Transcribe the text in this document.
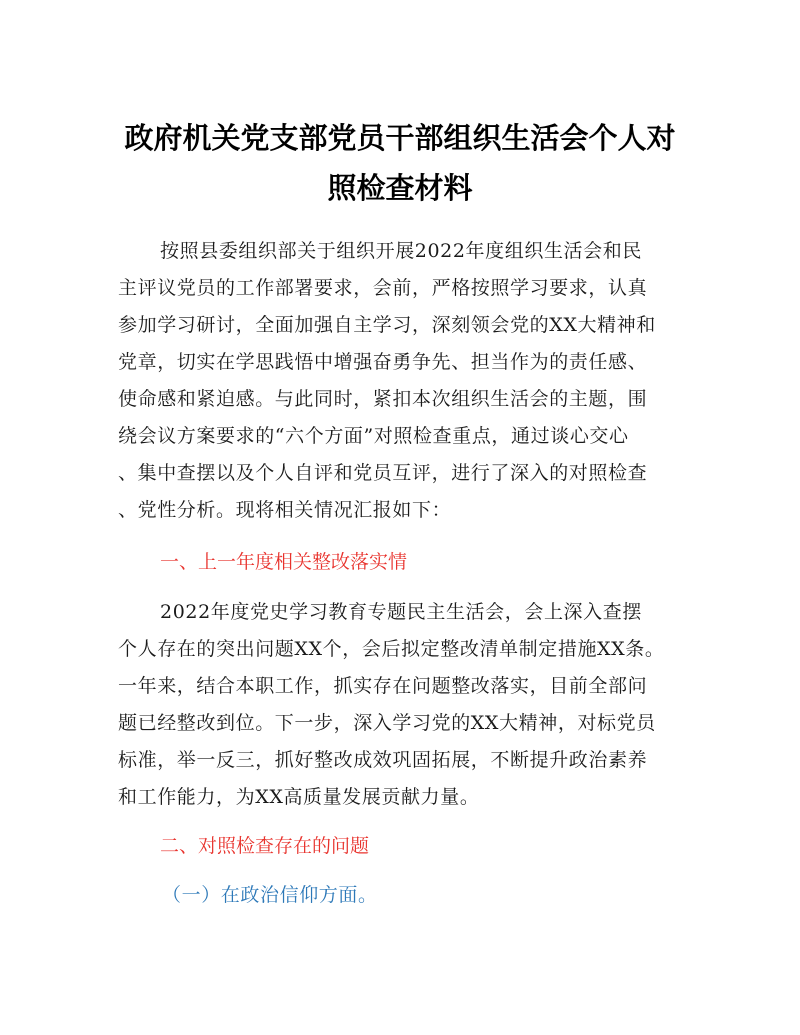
政府机关党支部党员干部组织生活会个人对
照检查材料
按照县委组织部关于组织开展2022年度组织生活会和民
主评议党员的工作部署要求，会前，严格按照学习要求，认真
参加学习研讨，全面加强自主学习，深刻领会党的XX大精神和
党章，切实在学思践悟中增强奋勇争先、担当作为的责任感、
使命感和紧迫感。与此同时，紧扣本次组织生活会的主题，围
绕会议方案要求的“六个方面”对照检查重点，通过谈心交心
、集中查摆以及个人自评和党员互评，进行了深入的对照检查
、党性分析。现将相关情况汇报如下：
一、上一年度相关整改落实情
2022年度党史学习教育专题民主生活会，会上深入查摆
个人存在的突出问题XX个，会后拟定整改清单制定措施XX条。
一年来，结合本职工作，抓实存在问题整改落实，目前全部问
题已经整改到位。下一步，深入学习党的XX大精神，对标党员
标准，举一反三，抓好整改成效巩固拓展，不断提升政治素养
和工作能力，为XX高质量发展贡献力量。
二、对照检查存在的问题
（一）在政治信仰方面。
